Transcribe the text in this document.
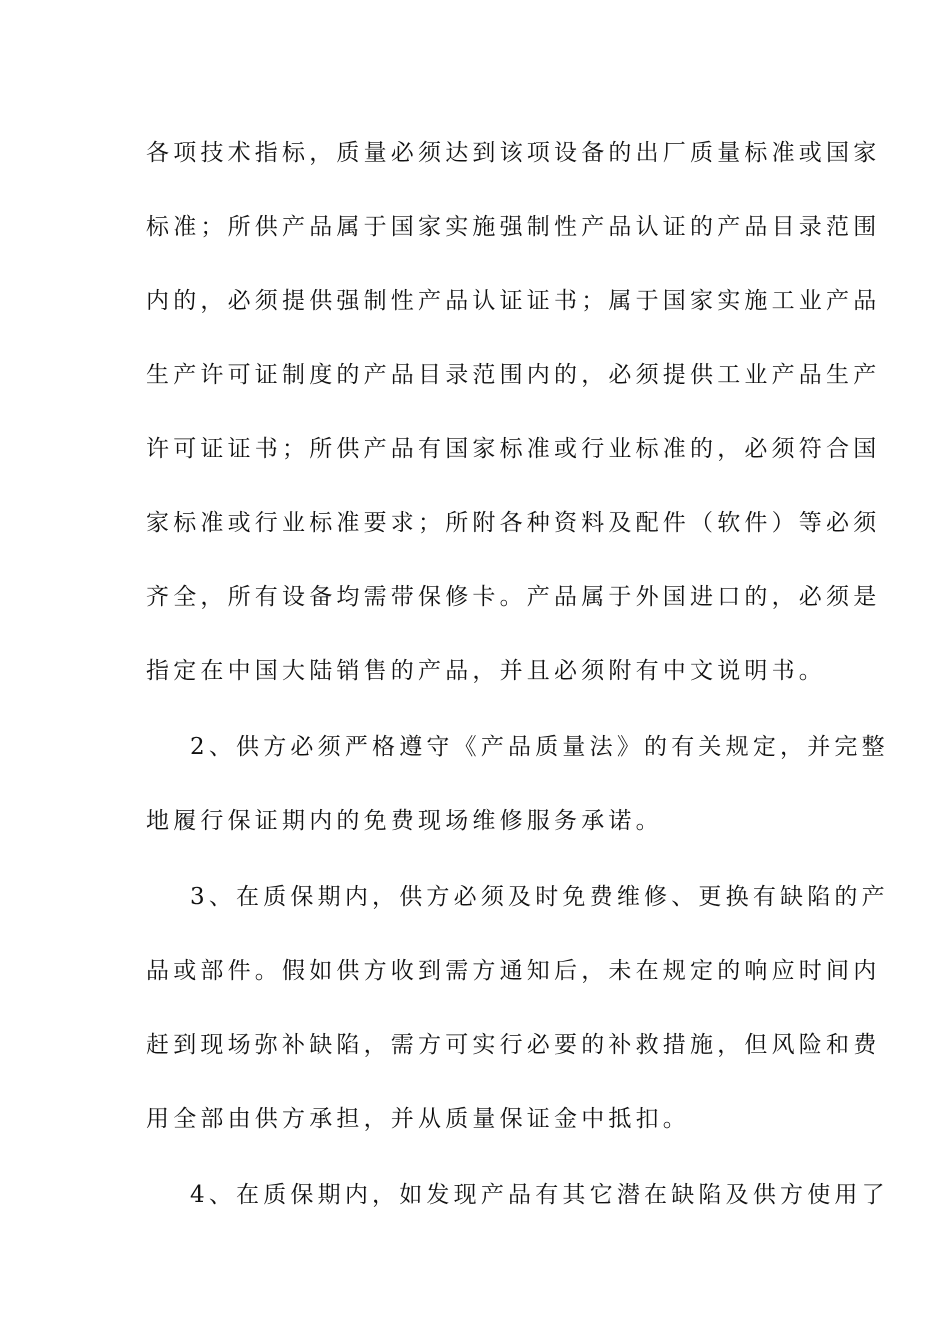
各项技术指标，质量必须达到该项设备的出厂质量标准或国家
标准；所供产品属于国家实施强制性产品认证的产品目录范围
内的，必须提供强制性产品认证证书；属于国家实施工业产品
生产许可证制度的产品目录范围内的，必须提供工业产品生产
许可证证书；所供产品有国家标准或行业标准的，必须符合国
家标准或行业标准要求；所附各种资料及配件（软件）等必须
齐全，所有设备均需带保修卡。产品属于外国进口的，必须是
指定在中国大陆销售的产品，并且必须附有中文说明书。
2、供方必须严格遵守《产品质量法》的有关规定，并完整
地履行保证期内的免费现场维修服务承诺。
3、在质保期内，供方必须及时免费维修、更换有缺陷的产
品或部件。假如供方收到需方通知后，未在规定的响应时间内
赶到现场弥补缺陷，需方可实行必要的补救措施，但风险和费
用全部由供方承担，并从质量保证金中抵扣。
4、在质保期内，如发现产品有其它潜在缺陷及供方使用了
